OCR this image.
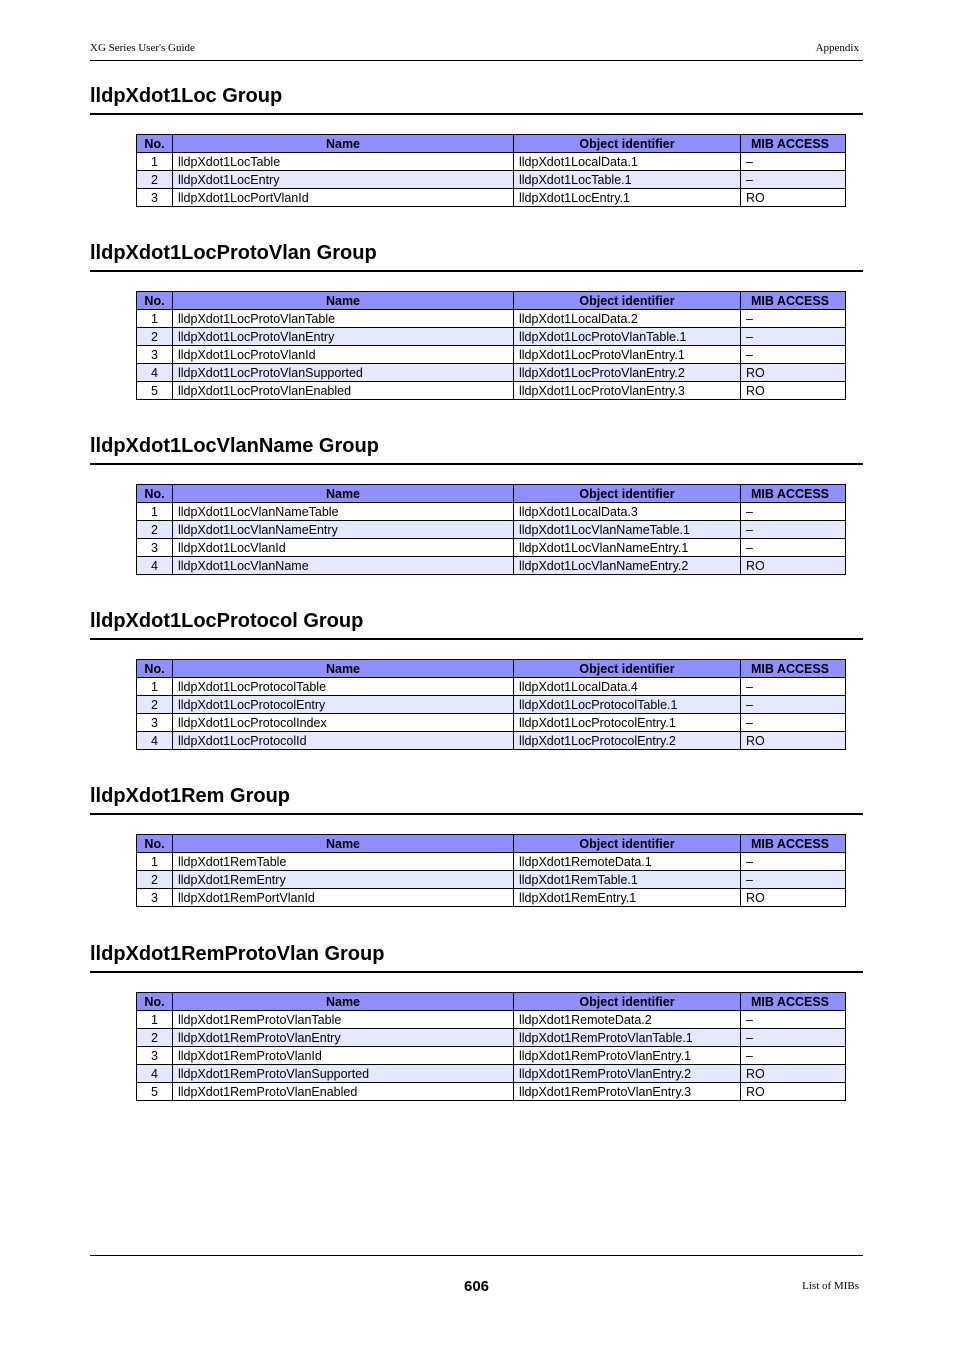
XG Series User's Guide	Appendix
lldpXdot1Loc Group
No.	Name	Object identifier	MIB ACCESS
1	lldpXdot1LocTable	lldpXdot1LocalData.1	–
2	lldpXdot1LocEntry	lldpXdot1LocTable.1	–
3	lldpXdot1LocPortVlanId	lldpXdot1LocEntry.1	RO
lldpXdot1LocProtoVlan Group
No.	Name	Object identifier	MIB ACCESS
1	lldpXdot1LocProtoVlanTable	lldpXdot1LocalData.2	–
2	lldpXdot1LocProtoVlanEntry	lldpXdot1LocProtoVlanTable.1	–
3	lldpXdot1LocProtoVlanId	lldpXdot1LocProtoVlanEntry.1	–
4	lldpXdot1LocProtoVlanSupported	lldpXdot1LocProtoVlanEntry.2	RO
5	lldpXdot1LocProtoVlanEnabled	lldpXdot1LocProtoVlanEntry.3	RO
lldpXdot1LocVlanName Group
No.	Name	Object identifier	MIB ACCESS
1	lldpXdot1LocVlanNameTable	lldpXdot1LocalData.3	–
2	lldpXdot1LocVlanNameEntry	lldpXdot1LocVlanNameTable.1	–
3	lldpXdot1LocVlanId	lldpXdot1LocVlanNameEntry.1	–
4	lldpXdot1LocVlanName	lldpXdot1LocVlanNameEntry.2	RO
lldpXdot1LocProtocol Group
No.	Name	Object identifier	MIB ACCESS
1	lldpXdot1LocProtocolTable	lldpXdot1LocalData.4	–
2	lldpXdot1LocProtocolEntry	lldpXdot1LocProtocolTable.1	–
3	lldpXdot1LocProtocolIndex	lldpXdot1LocProtocolEntry.1	–
4	lldpXdot1LocProtocolId	lldpXdot1LocProtocolEntry.2	RO
lldpXdot1Rem Group
No.	Name	Object identifier	MIB ACCESS
1	lldpXdot1RemTable	lldpXdot1RemoteData.1	–
2	lldpXdot1RemEntry	lldpXdot1RemTable.1	–
3	lldpXdot1RemPortVlanId	lldpXdot1RemEntry.1	RO
lldpXdot1RemProtoVlan Group
No.	Name	Object identifier	MIB ACCESS
1	lldpXdot1RemProtoVlanTable	lldpXdot1RemoteData.2	–
2	lldpXdot1RemProtoVlanEntry	lldpXdot1RemProtoVlanTable.1	–
3	lldpXdot1RemProtoVlanId	lldpXdot1RemProtoVlanEntry.1	–
4	lldpXdot1RemProtoVlanSupported	lldpXdot1RemProtoVlanEntry.2	RO
5	lldpXdot1RemProtoVlanEnabled	lldpXdot1RemProtoVlanEntry.3	RO
606	List of MIBs
